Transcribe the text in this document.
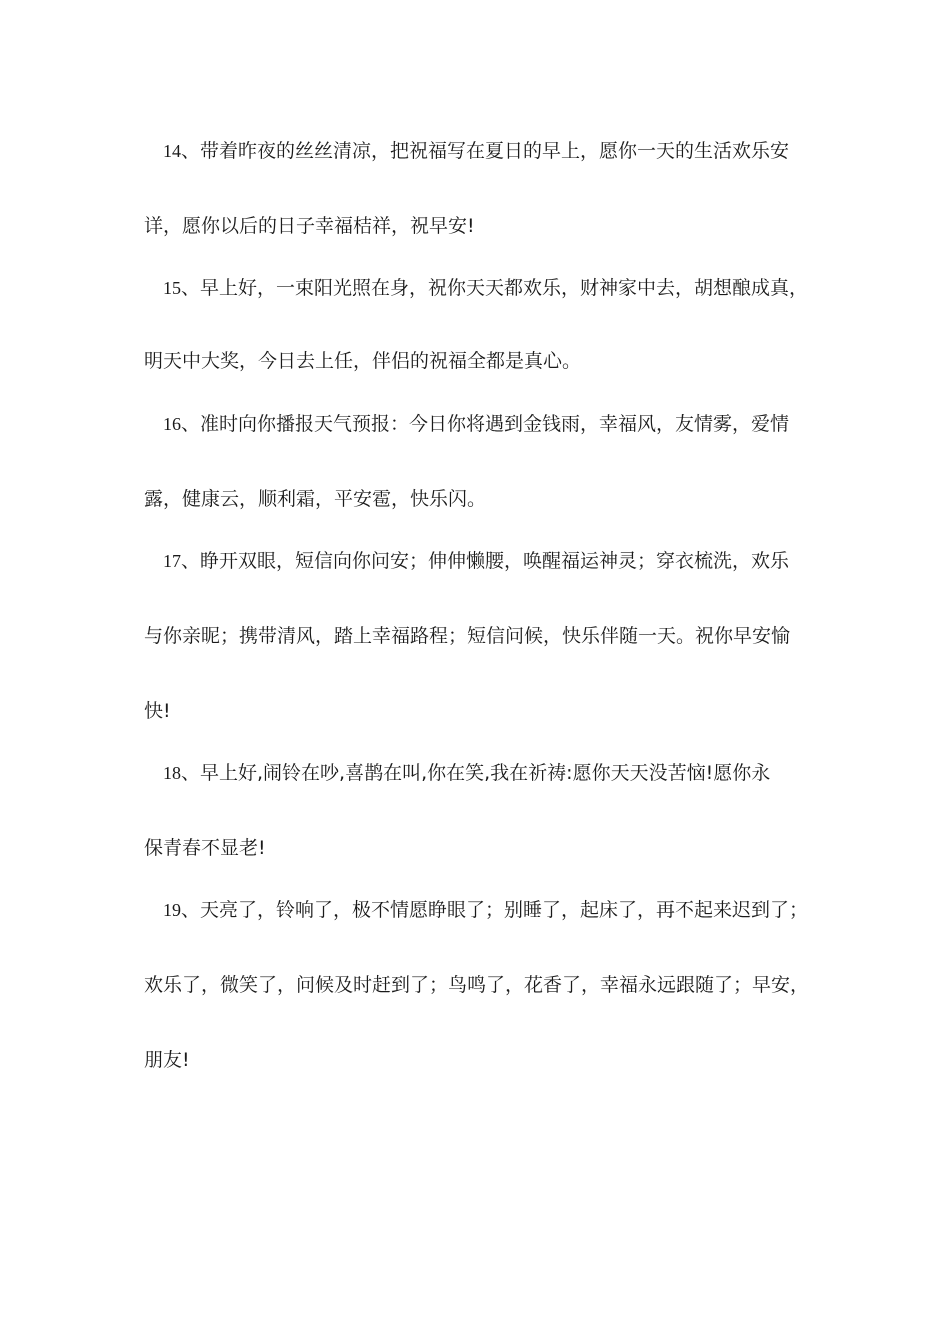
14、带着昨夜的丝丝清凉，把祝福写在夏日的早上，愿你一天的生活欢乐安
详，愿你以后的日子幸福桔祥，祝早安!
15、早上好，一束阳光照在身，祝你天天都欢乐，财神家中去，胡想酿成真，
明天中大奖，今日去上任，伴侣的祝福全都是真心。
16、准时向你播报天气预报：今日你将遇到金钱雨，幸福风，友情雾，爱情
露，健康云，顺利霜，平安雹，快乐闪。
17、睁开双眼，短信向你问安；伸伸懒腰，唤醒福运神灵；穿衣梳洗，欢乐
与你亲昵；携带清风，踏上幸福路程；短信问候，快乐伴随一天。祝你早安愉
快!
18、早上好,闹铃在吵,喜鹊在叫,你在笑,我在祈祷:愿你天天没苦恼!愿你永
保青春不显老!
19、天亮了，铃响了，极不情愿睁眼了；别睡了，起床了，再不起来迟到了；
欢乐了，微笑了，问候及时赶到了；鸟鸣了，花香了，幸福永远跟随了；早安，
朋友!
